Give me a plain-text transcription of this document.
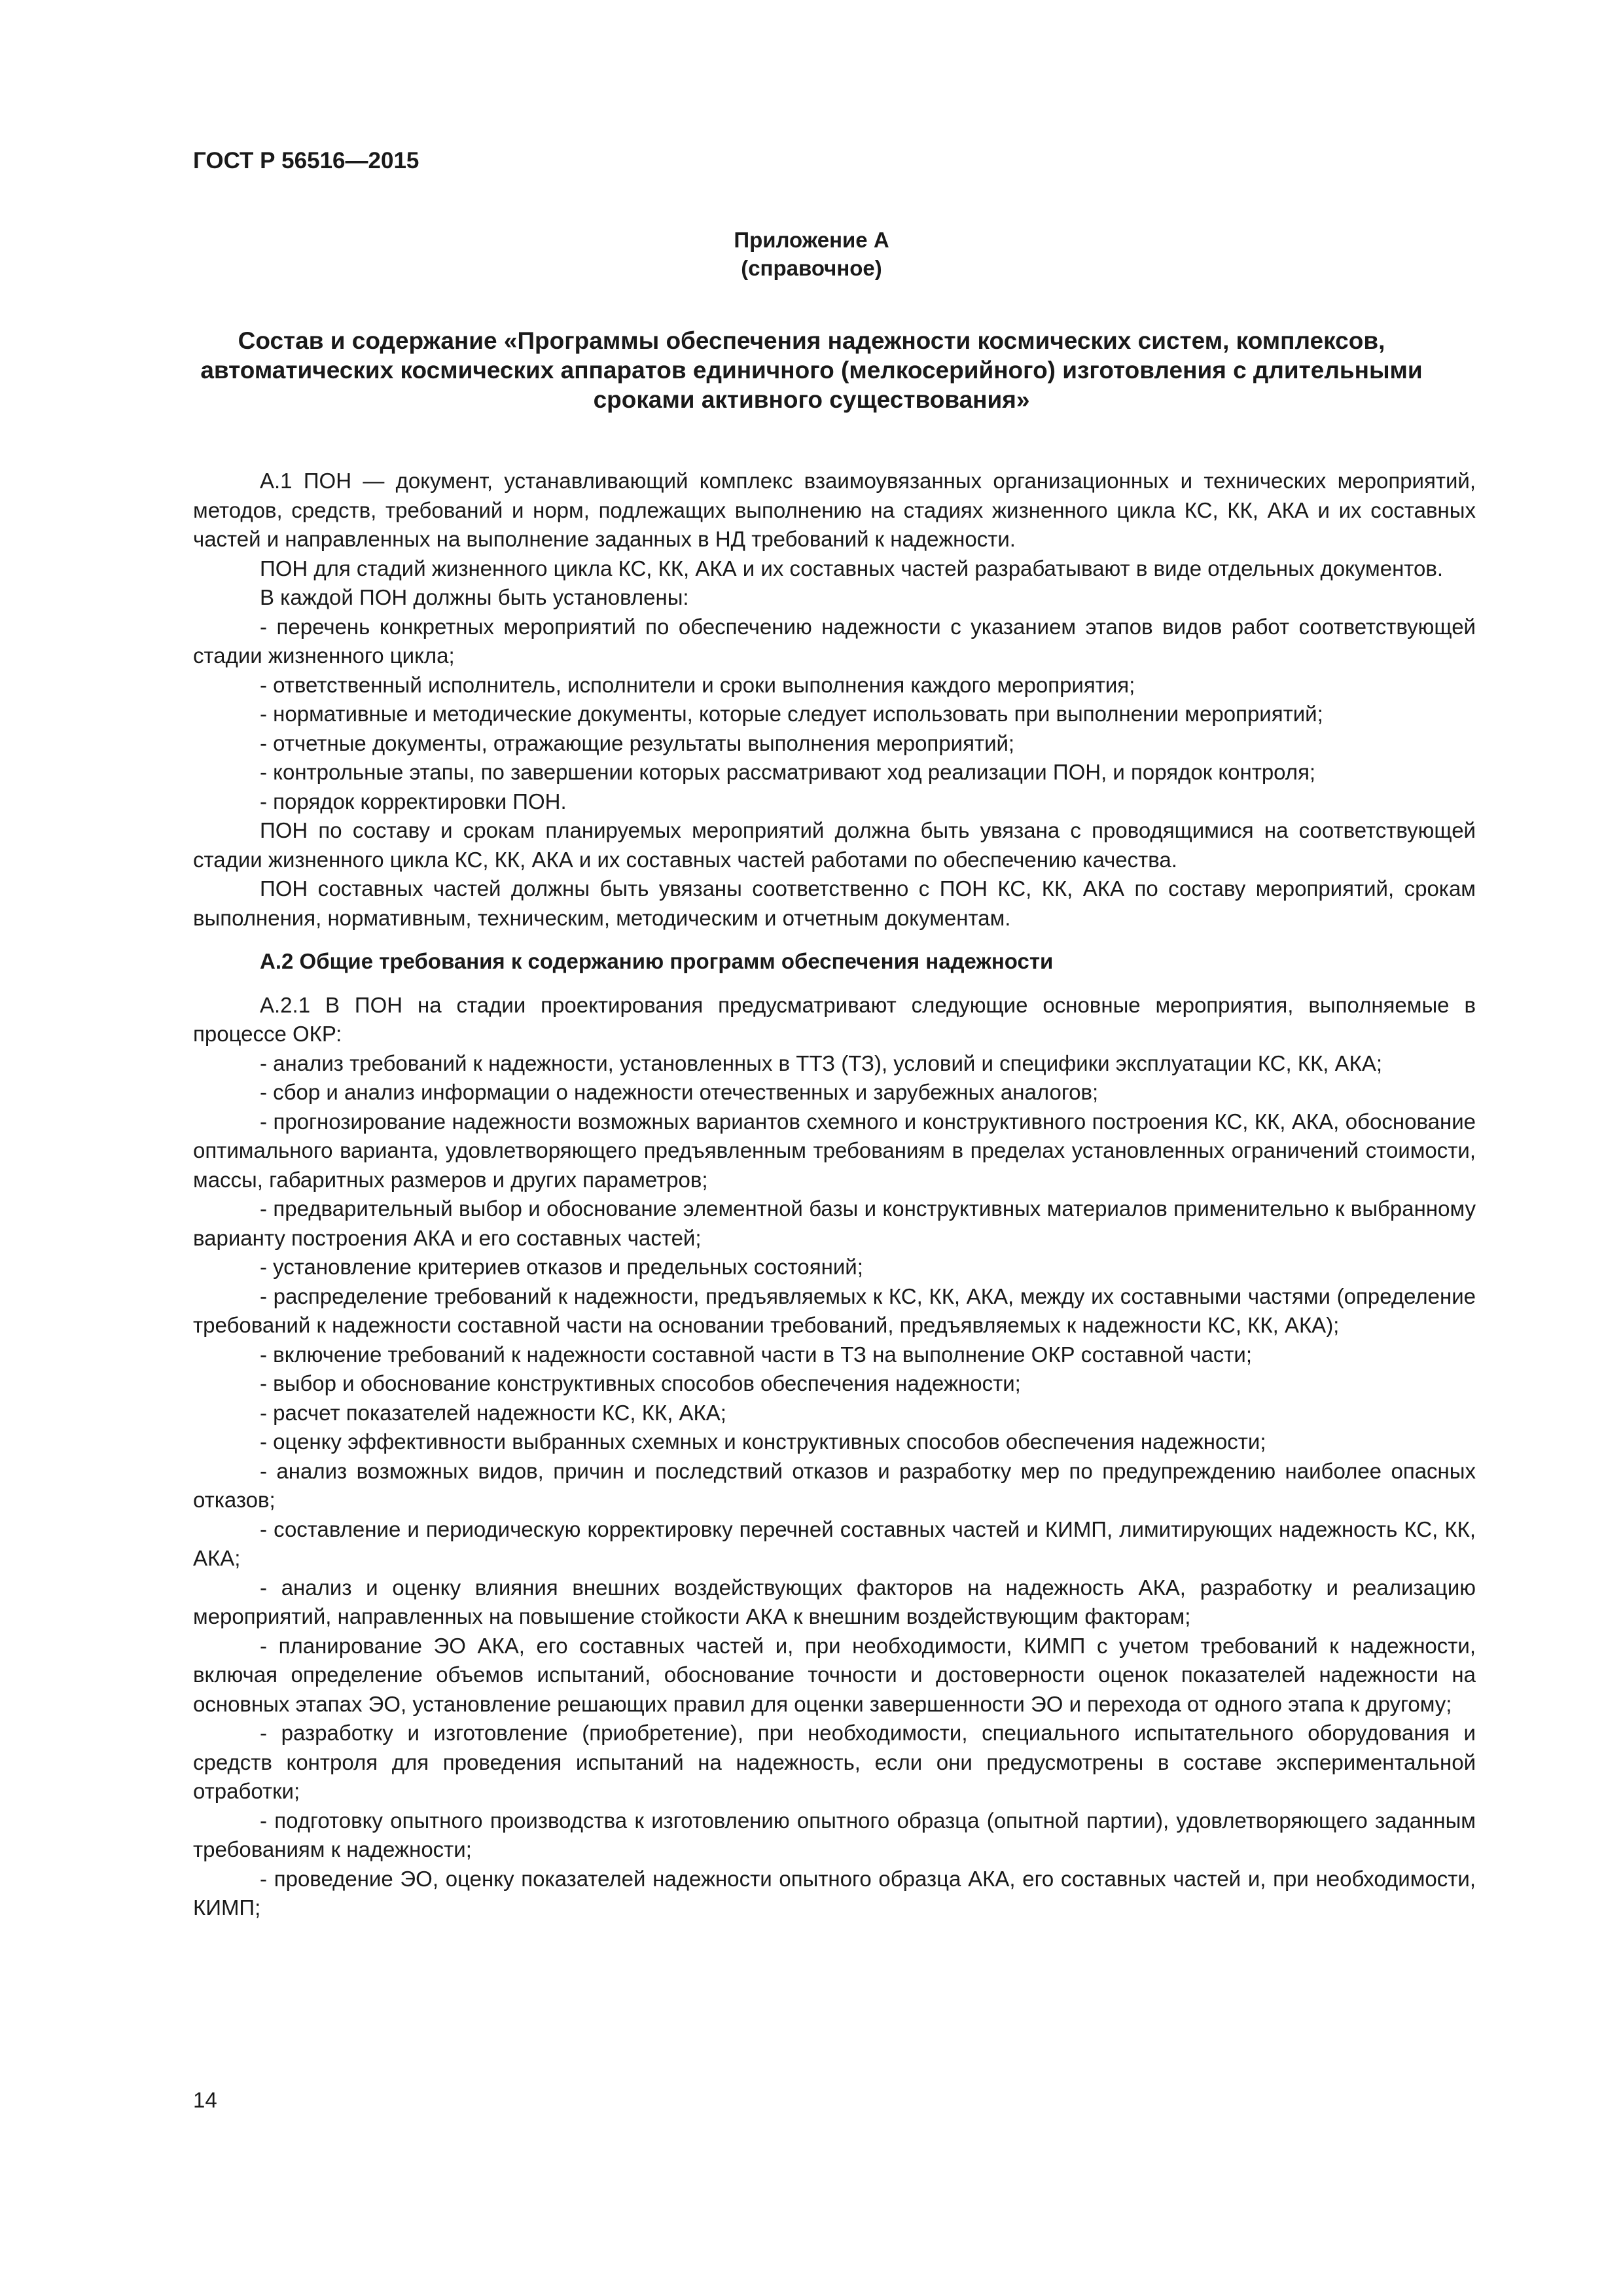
ГОСТ Р 56516—2015
Приложение А
(справочное)
Состав и содержание «Программы обеспечения надежности космических систем, комплексов, автоматических космических аппаратов единичного (мелкосерийного) изготовления с длительными сроками активного существования»

А.1 ПОН — документ, устанавливающий комплекс взаимоувязанных организационных и технических мероприятий, методов, средств, требований и норм, подлежащих выполнению на стадиях жизненного цикла КС, КК, АКА и их составных частей и направленных на выполнение заданных в НД требований к надежности.

ПОН для стадий жизненного цикла КС, КК, АКА и их составных частей разрабатывают в виде отдельных документов.

В каждой ПОН должны быть установлены:

- перечень конкретных мероприятий по обеспечению надежности с указанием этапов видов работ соответствующей стадии жизненного цикла;

- ответственный исполнитель, исполнители и сроки выполнения каждого мероприятия;

- нормативные и методические документы, которые следует использовать при выполнении мероприятий;

- отчетные документы, отражающие результаты выполнения мероприятий;

- контрольные этапы, по завершении которых рассматривают ход реализации ПОН, и порядок контроля;

- порядок корректировки ПОН.

ПОН по составу и срокам планируемых мероприятий должна быть увязана с проводящимися на соответствующей стадии жизненного цикла КС, КК, АКА и их составных частей работами по обеспечению качества.

ПОН составных частей должны быть увязаны соответственно с ПОН КС, КК, АКА по составу мероприятий, срокам выполнения, нормативным, техническим, методическим и отчетным документам.

А.2 Общие требования к содержанию программ обеспечения надежности

А.2.1 В ПОН на стадии проектирования предусматривают следующие основные мероприятия, выполняемые в процессе ОКР:

- анализ требований к надежности, установленных в ТТЗ (ТЗ), условий и специфики эксплуатации КС, КК, АКА;

- сбор и анализ информации о надежности отечественных и зарубежных аналогов;

- прогнозирование надежности возможных вариантов схемного и конструктивного построения КС, КК, АКА, обоснование оптимального варианта, удовлетворяющего предъявленным требованиям в пределах установленных ограничений стоимости, массы, габаритных размеров и других параметров;

- предварительный выбор и обоснование элементной базы и конструктивных материалов применительно к выбранному варианту построения АКА и его составных частей;

- установление критериев отказов и предельных состояний;

- распределение требований к надежности, предъявляемых к КС, КК, АКА, между их составными частями (определение требований к надежности составной части на основании требований, предъявляемых к надежности КС, КК, АКА);

- включение требований к надежности составной части в ТЗ на выполнение ОКР составной части;

- выбор и обоснование конструктивных способов обеспечения надежности;

- расчет показателей надежности КС, КК, АКА;

- оценку эффективности выбранных схемных и конструктивных способов обеспечения надежности;

- анализ возможных видов, причин и последствий отказов и разработку мер по предупреждению наиболее опасных отказов;

- составление и периодическую корректировку перечней составных частей и КИМП, лимитирующих надежность КС, КК, АКА;

- анализ и оценку влияния внешних воздействующих факторов на надежность АКА, разработку и реализацию мероприятий, направленных на повышение стойкости АКА к внешним воздействующим факторам;

- планирование ЭО АКА, его составных частей и, при необходимости, КИМП с учетом требований к надежности, включая определение объемов испытаний, обоснование точности и достоверности оценок показателей надежности на основных этапах ЭО, установление решающих правил для оценки завершенности ЭО и перехода от одного этапа к другому;

- разработку и изготовление (приобретение), при необходимости, специального испытательного оборудования и средств контроля для проведения испытаний на надежность, если они предусмотрены в составе экспериментальной отработки;

- подготовку опытного производства к изготовлению опытного образца (опытной партии), удовлетворяющего заданным требованиям к надежности;

- проведение ЭО, оценку показателей надежности опытного образца АКА, его составных частей и, при необходимости, КИМП;

14
